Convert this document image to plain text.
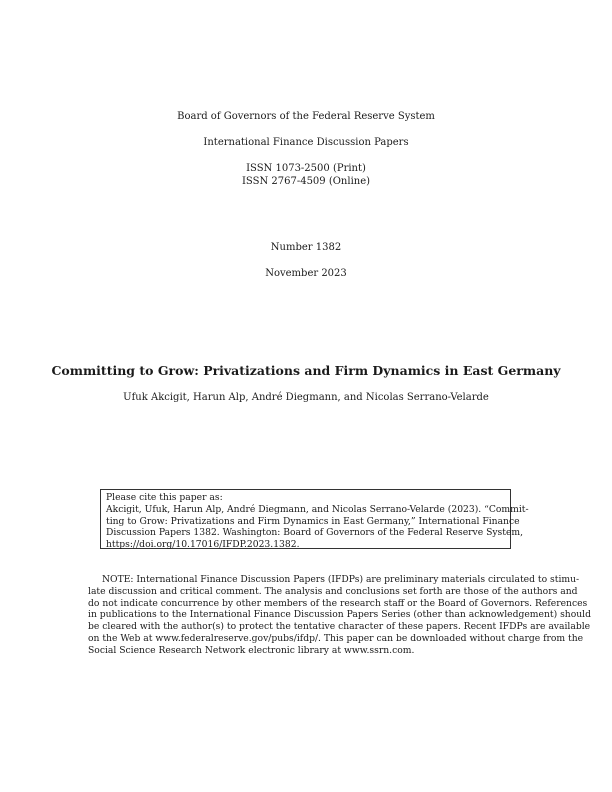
Board of Governors of the Federal Reserve System
International Finance Discussion Papers
ISSN 1073-2500 (Print)
ISSN 2767-4509 (Online)
Number 1382
November 2023
Committing to Grow: Privatizations and Firm Dynamics in East Germany
Ufuk Akcigit, Harun Alp, André Diegmann, and Nicolas Serrano-Velarde
Please cite this paper as:
Akcigit, Ufuk, Harun Alp, André Diegmann, and Nicolas Serrano-Velarde (2023). “Commit-
ting to Grow: Privatizations and Firm Dynamics in East Germany,” International Finance
Discussion Papers 1382. Washington: Board of Governors of the Federal Reserve System,
https://doi.org/10.17016/IFDP.2023.1382.
NOTE: International Finance Discussion Papers (IFDPs) are preliminary materials circulated to stimu-
late discussion and critical comment. The analysis and conclusions set forth are those of the authors and
do not indicate concurrence by other members of the research staff or the Board of Governors. References
in publications to the International Finance Discussion Papers Series (other than acknowledgement) should
be cleared with the author(s) to protect the tentative character of these papers. Recent IFDPs are available
on the Web at www.federalreserve.gov/pubs/ifdp/. This paper can be downloaded without charge from the
Social Science Research Network electronic library at www.ssrn.com.
